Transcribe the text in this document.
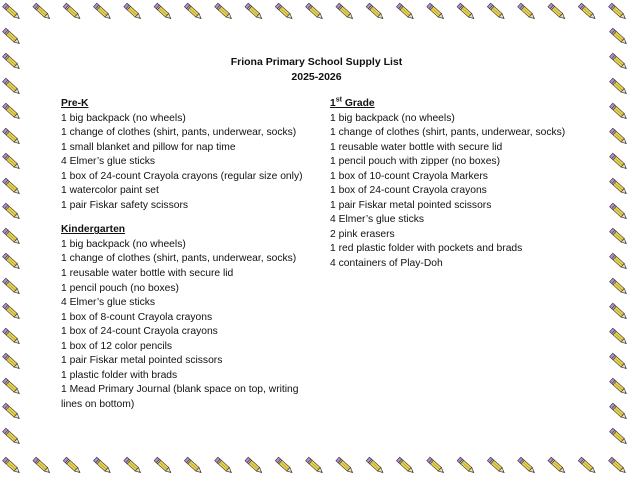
Friona Primary School Supply List
2025-2026
Pre-K
1 big backpack (no wheels)
1 change of clothes (shirt, pants, underwear, socks)
1 small blanket and pillow for nap time
4 Elmer’s glue sticks
1 box of 24-count Crayola crayons (regular size only)
1 watercolor paint set
1 pair Fiskar safety scissors
Kindergarten
1 big backpack (no wheels)
1 change of clothes (shirt, pants, underwear, socks)
1 reusable water bottle with secure lid
1 pencil pouch (no boxes)
4 Elmer’s glue sticks
1 box of 8-count Crayola crayons
1 box of 24-count Crayola crayons
1 box of 12 color pencils
1 pair Fiskar metal pointed scissors
1 plastic folder with brads
1 Mead Primary Journal (blank space on top, writing
lines on bottom)
1st Grade
1 big backpack (no wheels)
1 change of clothes (shirt, pants, underwear, socks)
1 reusable water bottle with secure lid
1 pencil pouch with zipper (no boxes)
1 box of 10-count Crayola Markers
1 box of 24-count Crayola crayons
1 pair Fiskar metal pointed scissors
4 Elmer’s glue sticks
2 pink erasers
1 red plastic folder with pockets and brads
4 containers of Play-Doh
